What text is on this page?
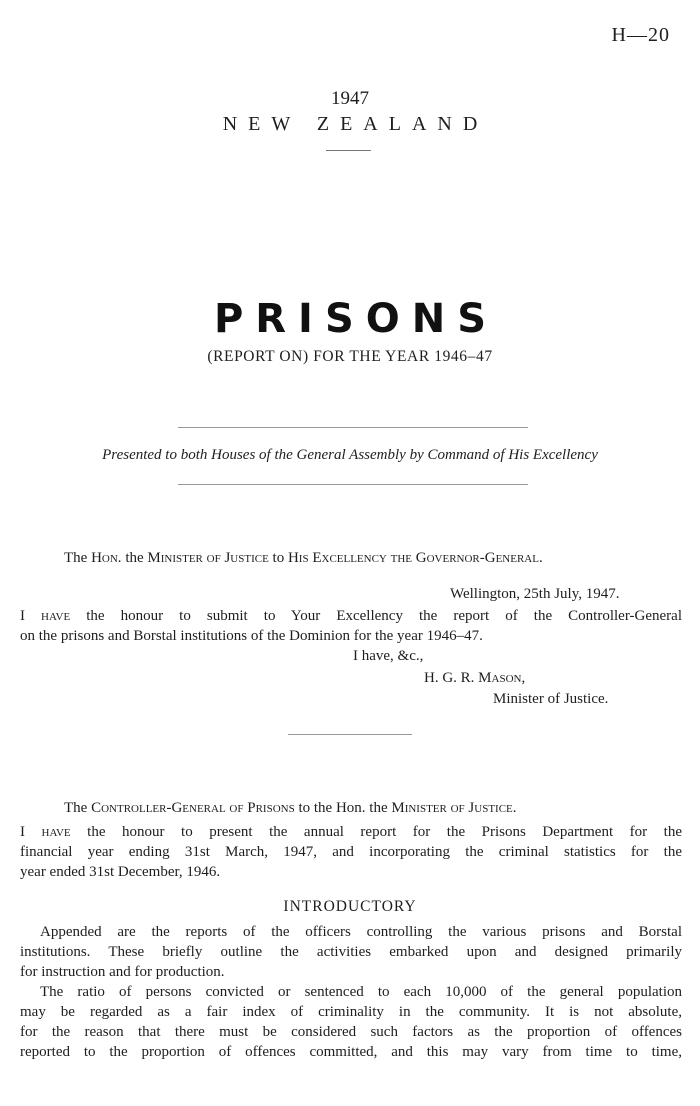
H—20
1947
NEW ZEALAND
PRISONS
(REPORT ON) FOR THE YEAR 1946–47
Presented to both Houses of the General Assembly by Command of His Excellency
The Hon. the Minister of Justice to His Excellency the Governor-General.
Wellington, 25th July, 1947.
I have the honour to submit to Your Excellency the report of the Controller-General
on the prisons and Borstal institutions of the Dominion for the year 1946–47.
I have, &c.,
H. G. R. Mason,
Minister of Justice.
The Controller-General of Prisons to the Hon. the Minister of Justice.
I have the honour to present the annual report for the Prisons Department for the
financial year ending 31st March, 1947, and incorporating the criminal statistics for the
year ended 31st December, 1946.
INTRODUCTORY
Appended are the reports of the officers controlling the various prisons and Borstal
institutions. These briefly outline the activities embarked upon and designed primarily
for instruction and for production.
The ratio of persons convicted or sentenced to each 10,000 of the general population
may be regarded as a fair index of criminality in the community. It is not absolute,
for the reason that there must be considered such factors as the proportion of offences
reported to the proportion of offences committed, and this may vary from time to time,
